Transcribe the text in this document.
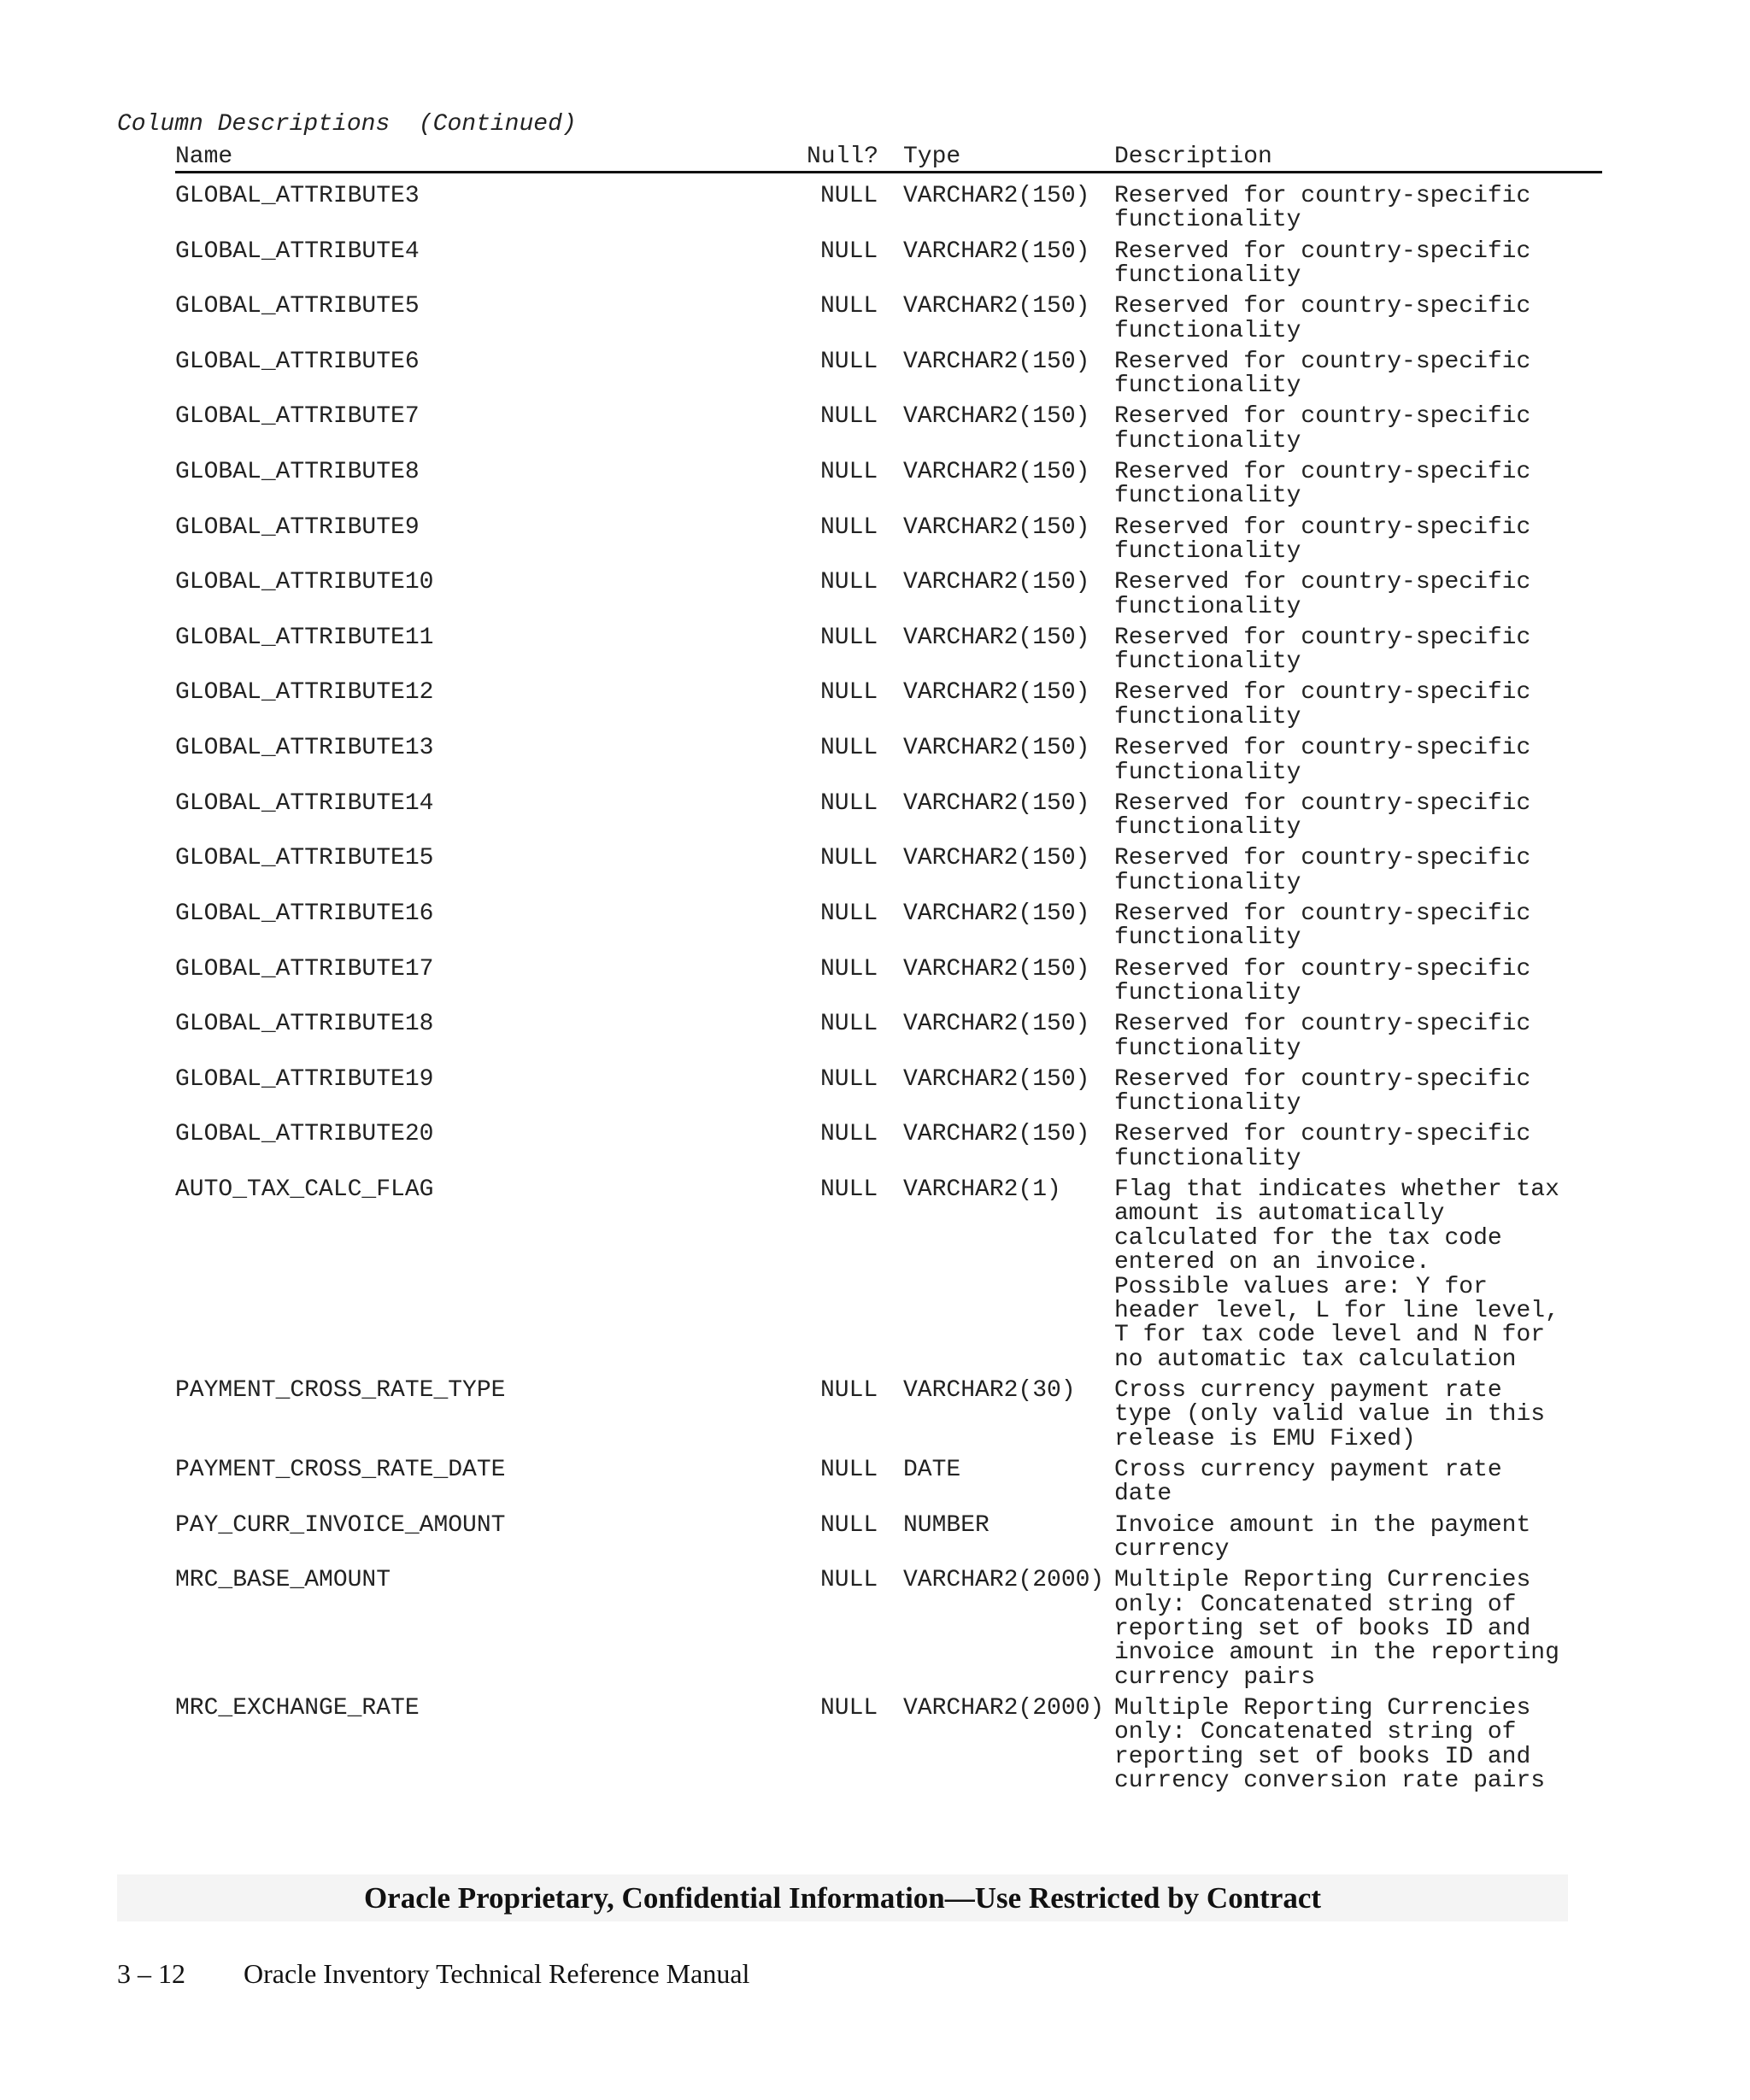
Column Descriptions  (Continued)
Name	Null? Type	Description
GLOBAL_ATTRIBUTE3	NULL VARCHAR2(150) Reserved for country-specific
functionality
GLOBAL_ATTRIBUTE4	NULL VARCHAR2(150) Reserved for country-specific
functionality
GLOBAL_ATTRIBUTE5	NULL VARCHAR2(150) Reserved for country-specific
functionality
GLOBAL_ATTRIBUTE6	NULL VARCHAR2(150) Reserved for country-specific
functionality
GLOBAL_ATTRIBUTE7	NULL VARCHAR2(150) Reserved for country-specific
functionality
GLOBAL_ATTRIBUTE8	NULL VARCHAR2(150) Reserved for country-specific
functionality
GLOBAL_ATTRIBUTE9	NULL VARCHAR2(150) Reserved for country-specific
functionality
GLOBAL_ATTRIBUTE10	NULL VARCHAR2(150) Reserved for country-specific
functionality
GLOBAL_ATTRIBUTE11	NULL VARCHAR2(150) Reserved for country-specific
functionality
GLOBAL_ATTRIBUTE12	NULL VARCHAR2(150) Reserved for country-specific
functionality
GLOBAL_ATTRIBUTE13	NULL VARCHAR2(150) Reserved for country-specific
functionality
GLOBAL_ATTRIBUTE14	NULL VARCHAR2(150) Reserved for country-specific
functionality
GLOBAL_ATTRIBUTE15	NULL VARCHAR2(150) Reserved for country-specific
functionality
GLOBAL_ATTRIBUTE16	NULL VARCHAR2(150) Reserved for country-specific
functionality
GLOBAL_ATTRIBUTE17	NULL VARCHAR2(150) Reserved for country-specific
functionality
GLOBAL_ATTRIBUTE18	NULL VARCHAR2(150) Reserved for country-specific
functionality
GLOBAL_ATTRIBUTE19	NULL VARCHAR2(150) Reserved for country-specific
functionality
GLOBAL_ATTRIBUTE20	NULL VARCHAR2(150) Reserved for country-specific
functionality
AUTO_TAX_CALC_FLAG	NULL VARCHAR2(1) Flag that indicates whether tax
amount is automatically
calculated for the tax code
entered on an invoice.
Possible values are: Y for
header level, L for line level,
T for tax code level and N for
no automatic tax calculation
PAYMENT_CROSS_RATE_TYPE	NULL VARCHAR2(30) Cross currency payment rate
type (only valid value in this
release is EMU Fixed)
PAYMENT_CROSS_RATE_DATE	NULL DATE	Cross currency payment rate
date
PAY_CURR_INVOICE_AMOUNT	NULL NUMBER	Invoice amount in the payment
currency
MRC_BASE_AMOUNT	NULL VARCHAR2(2000) Multiple Reporting Currencies
only: Concatenated string of
reporting set of books ID and
invoice amount in the reporting
currency pairs
MRC_EXCHANGE_RATE	NULL VARCHAR2(2000) Multiple Reporting Currencies
only: Concatenated string of
reporting set of books ID and
currency conversion rate pairs
Oracle Proprietary, Confidential Information––Use Restricted by Contract
3 – 12 Oracle Inventory Technical Reference Manual
